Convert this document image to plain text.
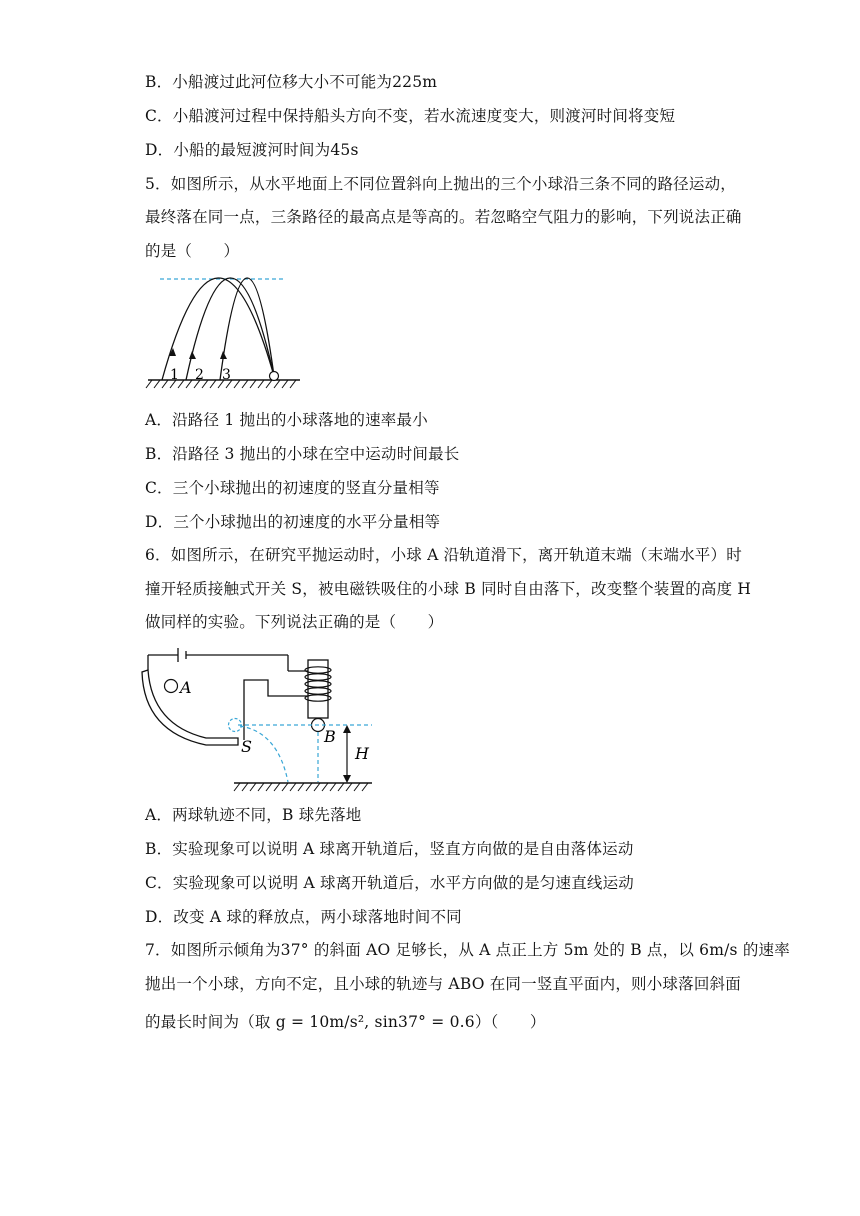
B．小船渡过此河位移大小不可能为225m
C．小船渡河过程中保持船头方向不变，若水流速度变大，则渡河时间将变短
D．小船的最短渡河时间为45s
5．如图所示，从水平地面上不同位置斜向上抛出的三个小球沿三条不同的路径运动，
最终落在同一点，三条路径的最高点是等高的。若忽略空气阻力的影响，下列说法正确
的是（　　）
1 2 3
A．沿路径 1 抛出的小球落地的速率最小
B．沿路径 3 抛出的小球在空中运动时间最长
C．三个小球抛出的初速度的竖直分量相等
D．三个小球抛出的初速度的水平分量相等
6．如图所示，在研究平抛运动时，小球 A 沿轨道滑下，离开轨道末端（末端水平）时
撞开轻质接触式开关 S，被电磁铁吸住的小球 B 同时自由落下，改变整个装置的高度 H
做同样的实验。下列说法正确的是（　　）
A
H
S
B
A．两球轨迹不同，B 球先落地
B．实验现象可以说明 A 球离开轨道后，竖直方向做的是自由落体运动
C．实验现象可以说明 A 球离开轨道后，水平方向做的是匀速直线运动
D．改变 A 球的释放点，两小球落地时间不同
7．如图所示倾角为37° 的斜面 AO 足够长，从 A 点正上方 5m 处的 B 点，以 6m/s 的速率
抛出一个小球，方向不定，且小球的轨迹与 ABO 在同一竖直平面内，则小球落回斜面
的最长时间为（取 g = 10m/s², sin37° = 0.6）（　　）
